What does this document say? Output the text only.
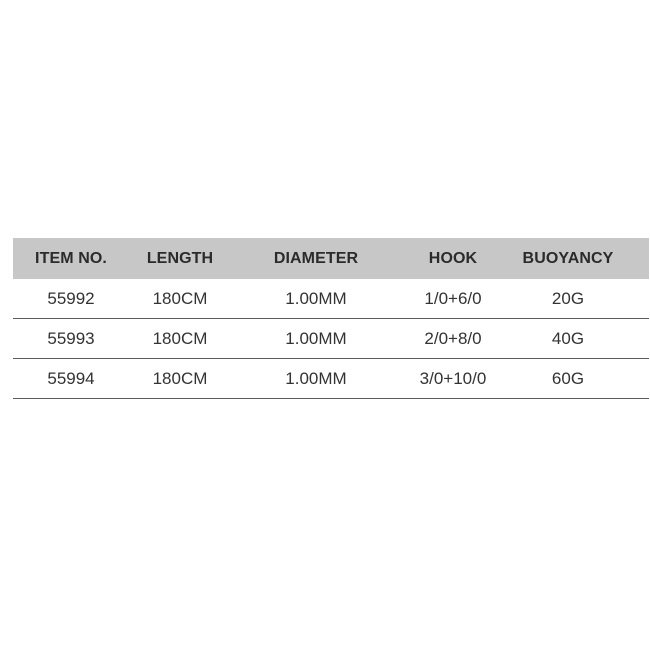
ITEM NO.	LENGTH	DIAMETER	HOOK	BUOYANCY
55992	180CM	1.00MM	1/0+6/0	20G
55993	180CM	1.00MM	2/0+8/0	40G
55994	180CM	1.00MM	3/0+10/0	60G
